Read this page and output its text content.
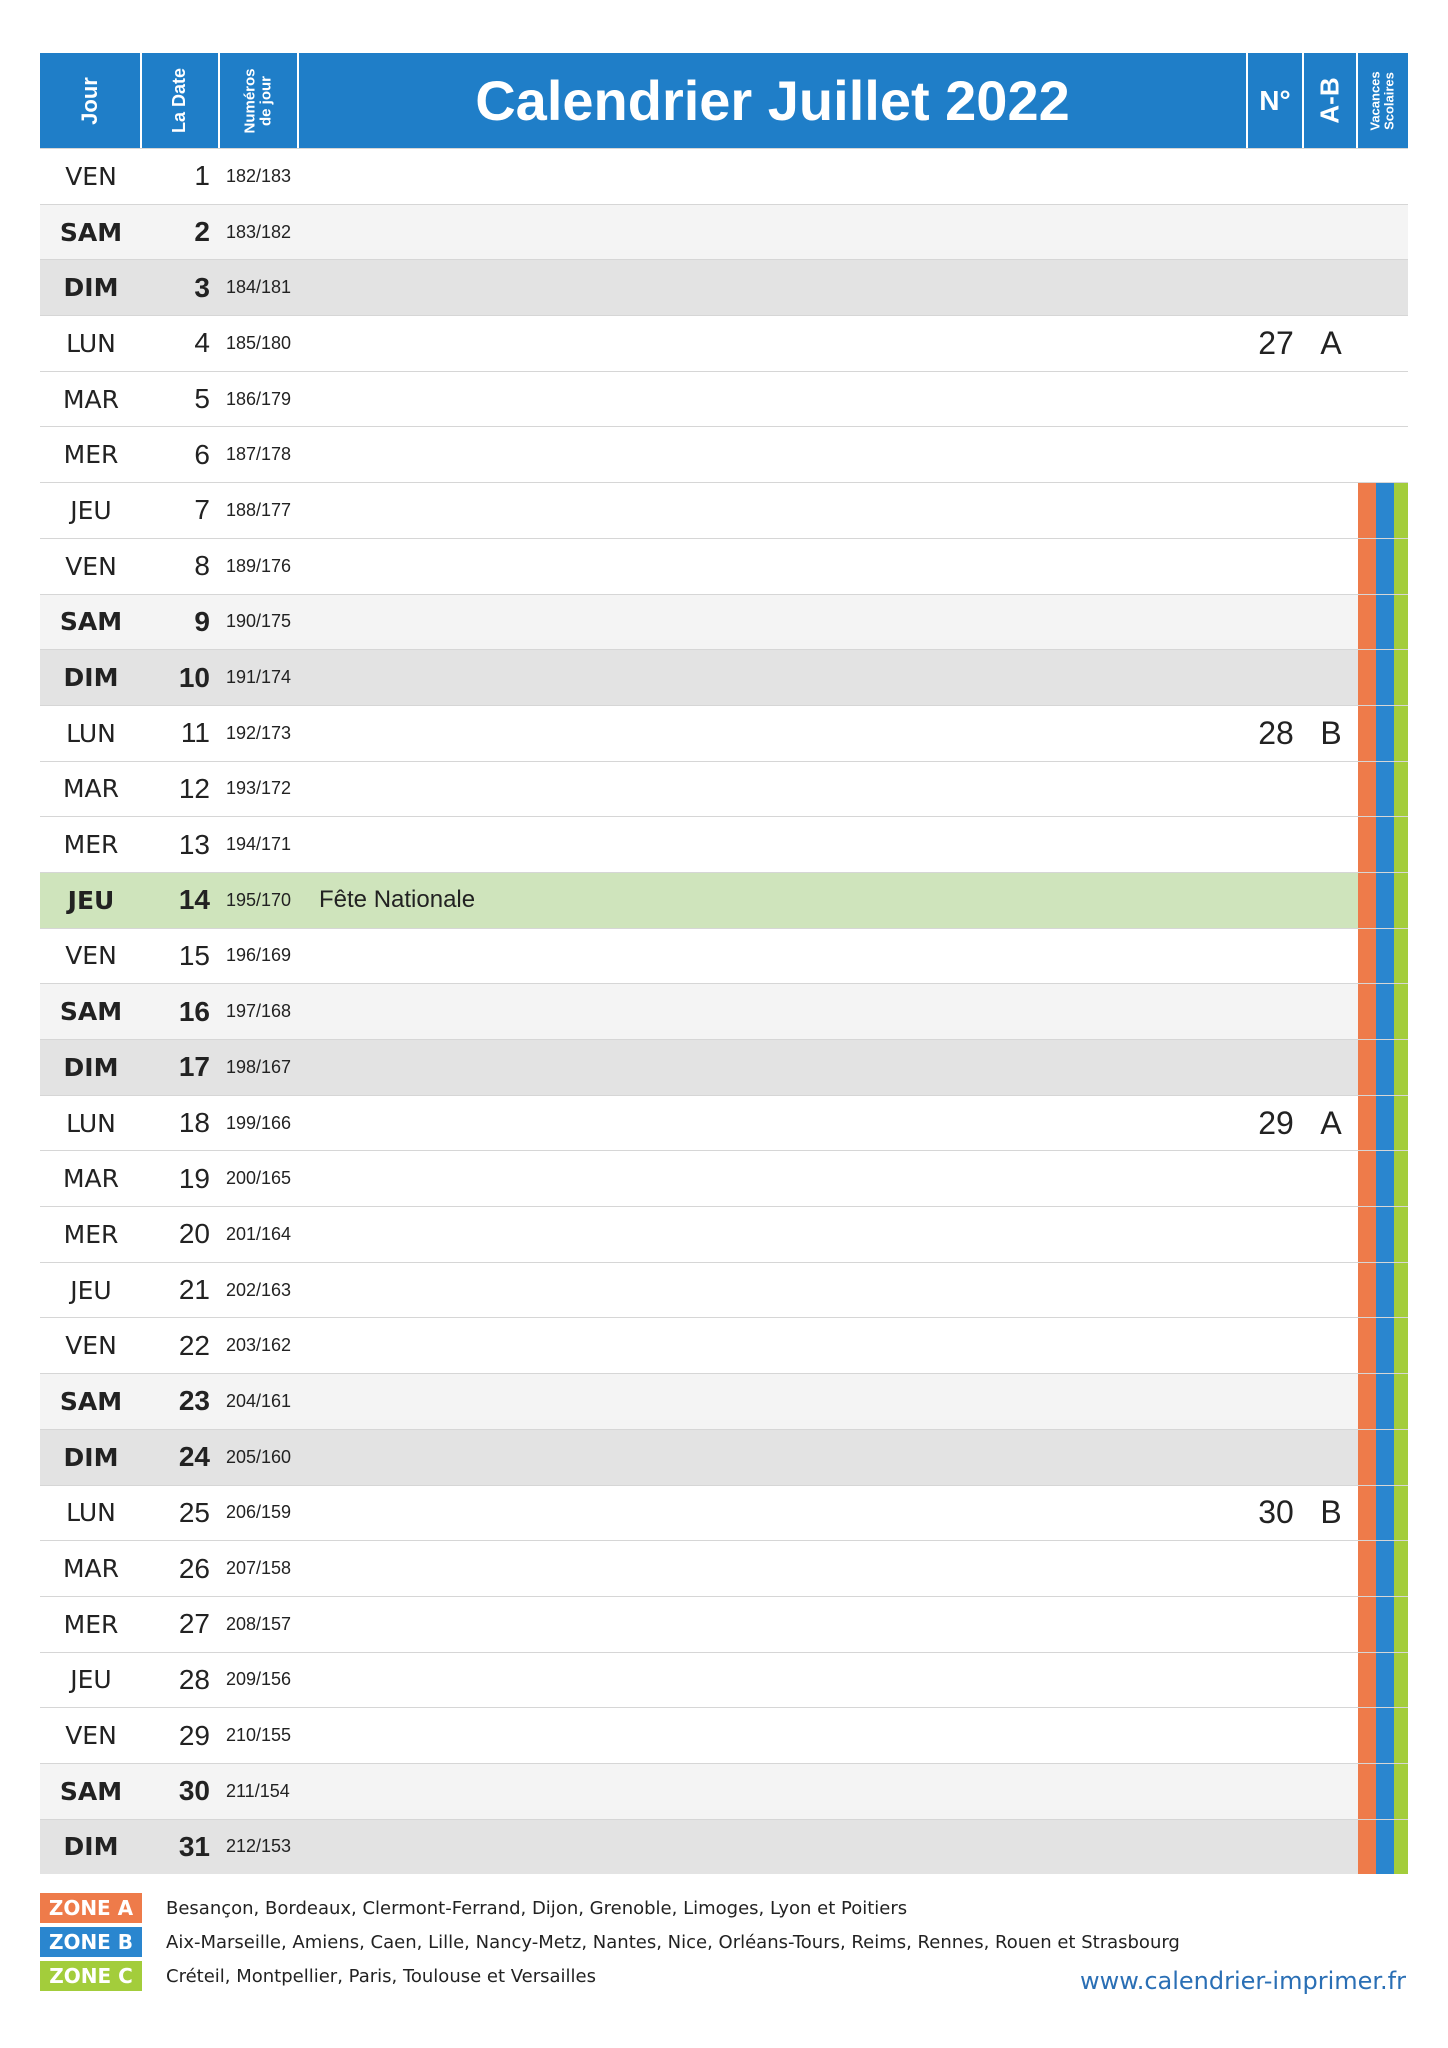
Jour	La Date	Numéros de jour	Calendrier Juillet 2022	N° A-B Vacances Scolaires
VEN	1 182/183
SAM	2 183/182
DIM	3 184/181
LUN	4 185/180	27 A
MAR	5 186/179
MER	6 187/178
JEU	7 188/177
VEN	8 189/176
SAM	9 190/175
DIM	10 191/174
LUN	11 192/173	28 B
MAR	12 193/172
MER	13 194/171
JEU	14 195/170	Fête Nationale
VEN	15 196/169
SAM	16 197/168
DIM	17 198/167
LUN	18 199/166	29 A
MAR	19 200/165
MER	20 201/164
JEU	21 202/163
VEN	22 203/162
SAM	23 204/161
DIM	24 205/160
LUN	25 206/159	30 B
MAR	26 207/158
MER	27 208/157
JEU	28 209/156
VEN	29 210/155
SAM	30 211/154
DIM	31 212/153
ZONE A	Besançon, Bordeaux, Clermont-Ferrand, Dijon, Grenoble, Limoges, Lyon et Poitiers
ZONE B	Aix-Marseille, Amiens, Caen, Lille, Nancy-Metz, Nantes, Nice, Orléans-Tours, Reims, Rennes, Rouen et Strasbourg
ZONE C	Créteil, Montpellier, Paris, Toulouse et Versailles	www.calendrier-imprimer.fr
